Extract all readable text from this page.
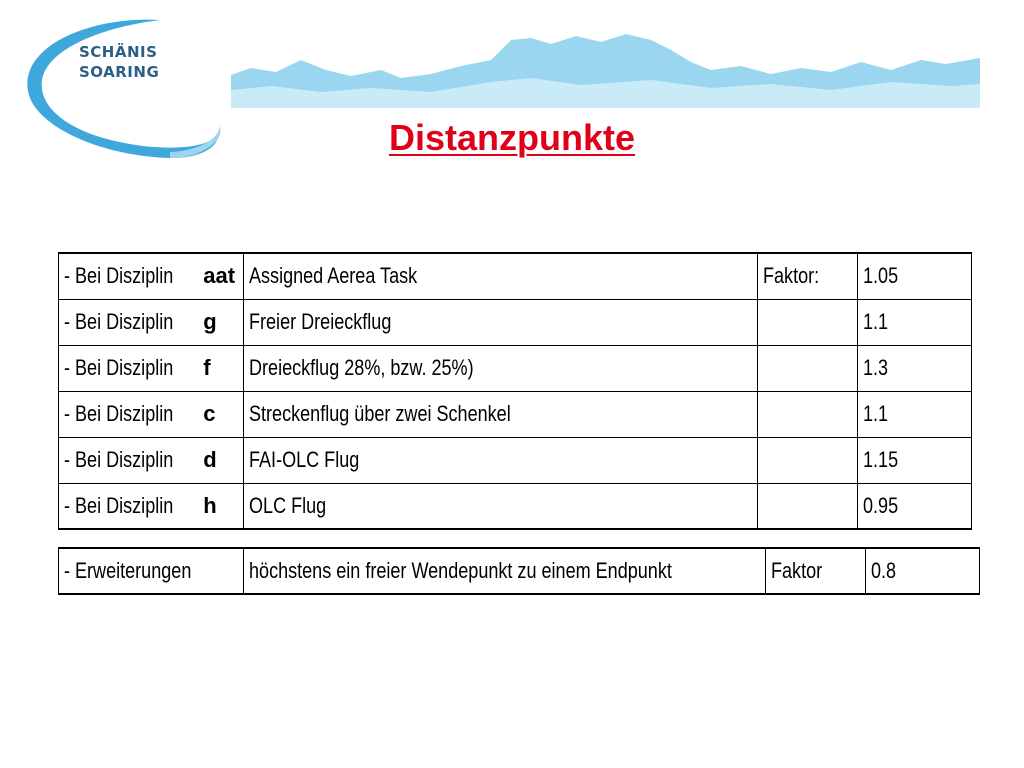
SCHÄNIS
SOARING
Distanzpunkte
- Bei Disziplin aat	Assigned Aerea Task	Faktor:	1.05
- Bei Disziplin g	Freier Dreieckflug		1.1
- Bei Disziplin f	Dreieckflug 28%, bzw. 25%)		1.3
- Bei Disziplin c	Streckenflug über zwei Schenkel		1.1
- Bei Disziplin d	FAI-OLC Flug		1.15
- Bei Disziplin h	OLC Flug		0.95
- Erweiterungen	höchstens ein freier Wendepunkt zu einem Endpunkt	Faktor	0.8
